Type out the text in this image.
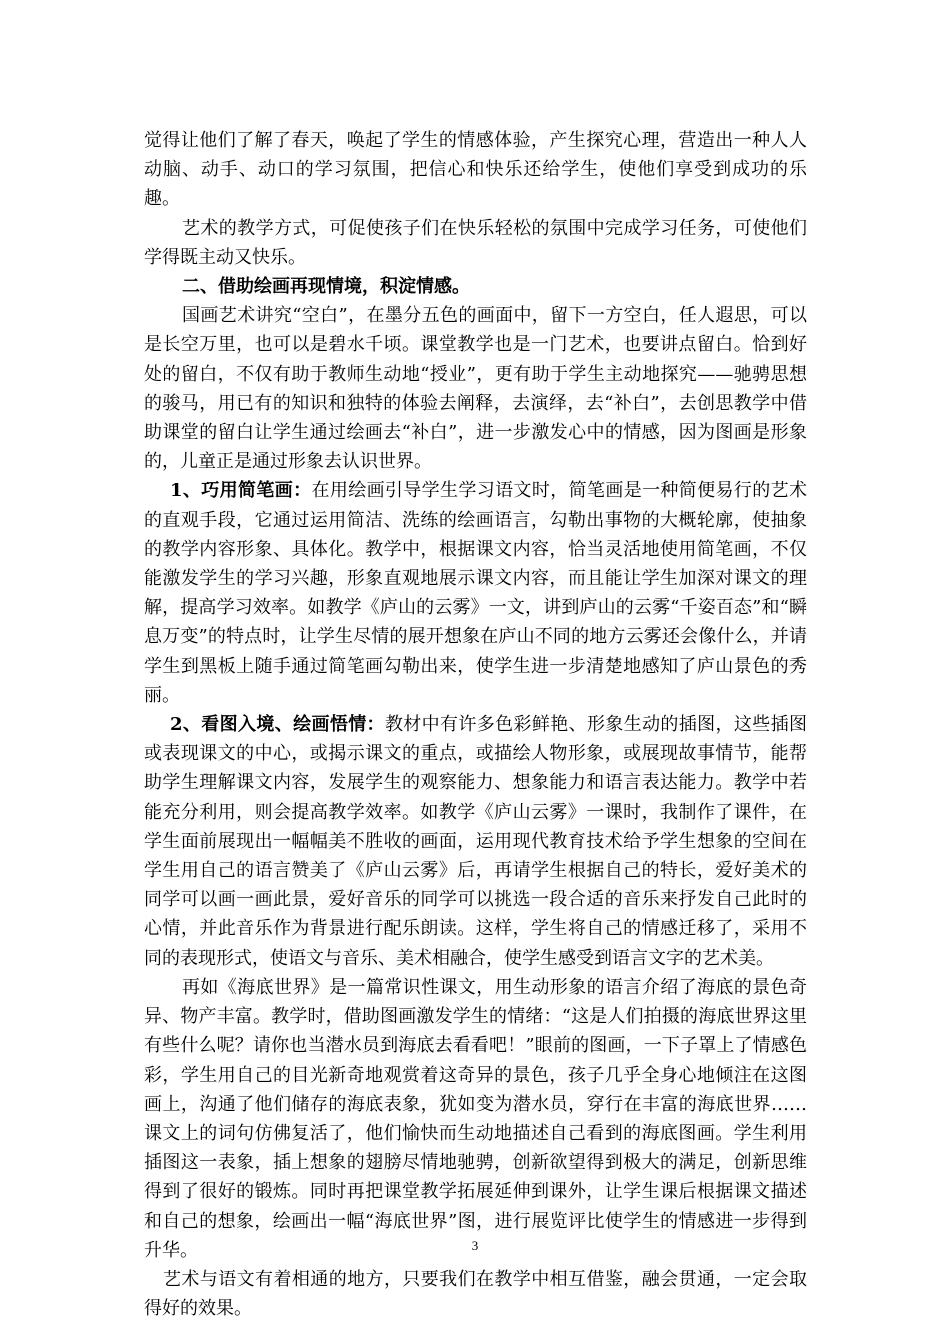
觉得让他们了解了春天，唤起了学生的情感体验，产生探究心理，营造出一种人人动脑、动手、动口的学习氛围，把信心和快乐还给学生，使他们享受到成功的乐趣。

艺术的教学方式，可促使孩子们在快乐轻松的氛围中完成学习任务，可使他们学得既主动又快乐。

二、借助绘画再现情境，积淀情感。

国画艺术讲究“空白”，在墨分五色的画面中，留下一方空白，任人遐思，可以是长空万里，也可以是碧水千顷。课堂教学也是一门艺术，也要讲点留白。恰到好处的留白，不仅有助于教师生动地“授业”，更有助于学生主动地探究——驰骋思想的骏马，用已有的知识和独特的体验去阐释，去演绎，去“补白”，去创思教学中借助课堂的留白让学生通过绘画去“补白”，进一步激发心中的情感，因为图画是形象的，儿童正是通过形象去认识世界。

1、巧用简笔画：在用绘画引导学生学习语文时，简笔画是一种简便易行的艺术的直观手段，它通过运用简洁、洗练的绘画语言，勾勒出事物的大概轮廓，使抽象的教学内容形象、具体化。教学中，根据课文内容，恰当灵活地使用简笔画，不仅能激发学生的学习兴趣，形象直观地展示课文内容，而且能让学生加深对课文的理解，提高学习效率。如教学《庐山的云雾》一文，讲到庐山的云雾“千姿百态”和“瞬息万变”的特点时，让学生尽情的展开想象在庐山不同的地方云雾还会像什么，并请学生到黑板上随手通过简笔画勾勒出来，使学生进一步清楚地感知了庐山景色的秀丽。

2、看图入境、绘画悟情：教材中有许多色彩鲜艳、形象生动的插图，这些插图或表现课文的中心，或揭示课文的重点，或描绘人物形象，或展现故事情节，能帮助学生理解课文内容，发展学生的观察能力、想象能力和语言表达能力。教学中若能充分利用，则会提高教学效率。如教学《庐山云雾》一课时，我制作了课件，在学生面前展现出一幅幅美不胜收的画面，运用现代教育技术给予学生想象的空间在学生用自己的语言赞美了《庐山云雾》后，再请学生根据自己的特长，爱好美术的同学可以画一画此景，爱好音乐的同学可以挑选一段合适的音乐来抒发自己此时的心情，并此音乐作为背景进行配乐朗读。这样，学生将自己的情感迁移了，采用不同的表现形式，使语文与音乐、美术相融合，使学生感受到语言文字的艺术美。

再如《海底世界》是一篇常识性课文，用生动形象的语言介绍了海底的景色奇异、物产丰富。教学时，借助图画激发学生的情绪：“这是人们拍摄的海底世界这里有些什么呢？请你也当潜水员到海底去看看吧！”眼前的图画，一下子罩上了情感色彩，学生用自己的目光新奇地观赏着这奇异的景色，孩子几乎全身心地倾注在这图画上，沟通了他们储存的海底表象，犹如变为潜水员，穿行在丰富的海底世界……课文上的词句仿佛复活了，他们愉快而生动地描述自己看到的海底图画。学生利用插图这一表象，插上想象的翅膀尽情地驰骋，创新欲望得到极大的满足，创新思维得到了很好的锻炼。同时再把课堂教学拓展延伸到课外，让学生课后根据课文描述和自己的想象，绘画出一幅“海底世界”图，进行展览评比使学生的情感进一步得到升华。

艺术与语文有着相通的地方，只要我们在教学中相互借鉴，融会贯通，一定会取得好的效果。

3
